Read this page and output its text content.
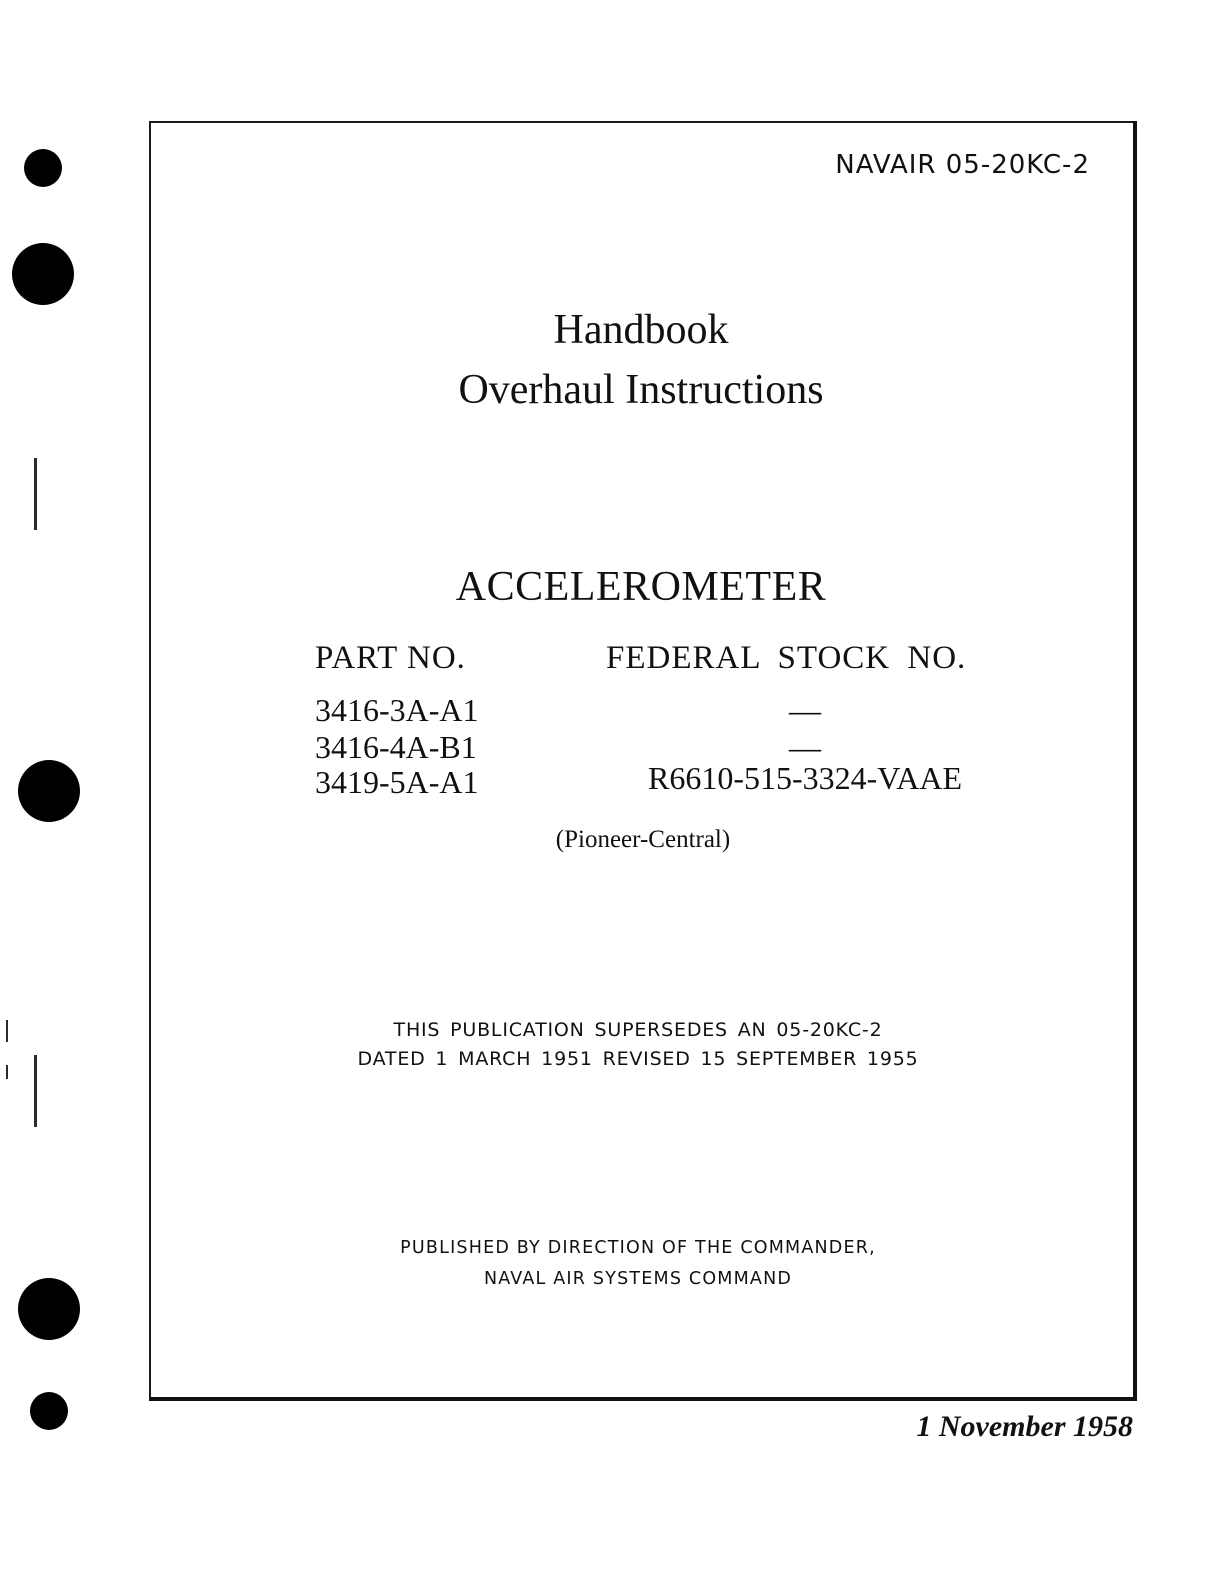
NAVAIR 05-20KC-2
Handbook
Overhaul Instructions
ACCELEROMETER
PART NO.	FEDERAL STOCK NO.
3416-3A-A1	—
3416-4A-B1	—
3419-5A-A1	R6610-515-3324-VAAE
(Pioneer-Central)
THIS PUBLICATION SUPERSEDES AN 05-20KC-2
DATED 1 MARCH 1951 REVISED 15 SEPTEMBER 1955
PUBLISHED BY DIRECTION OF THE COMMANDER,
NAVAL AIR SYSTEMS COMMAND
1 November 1958
